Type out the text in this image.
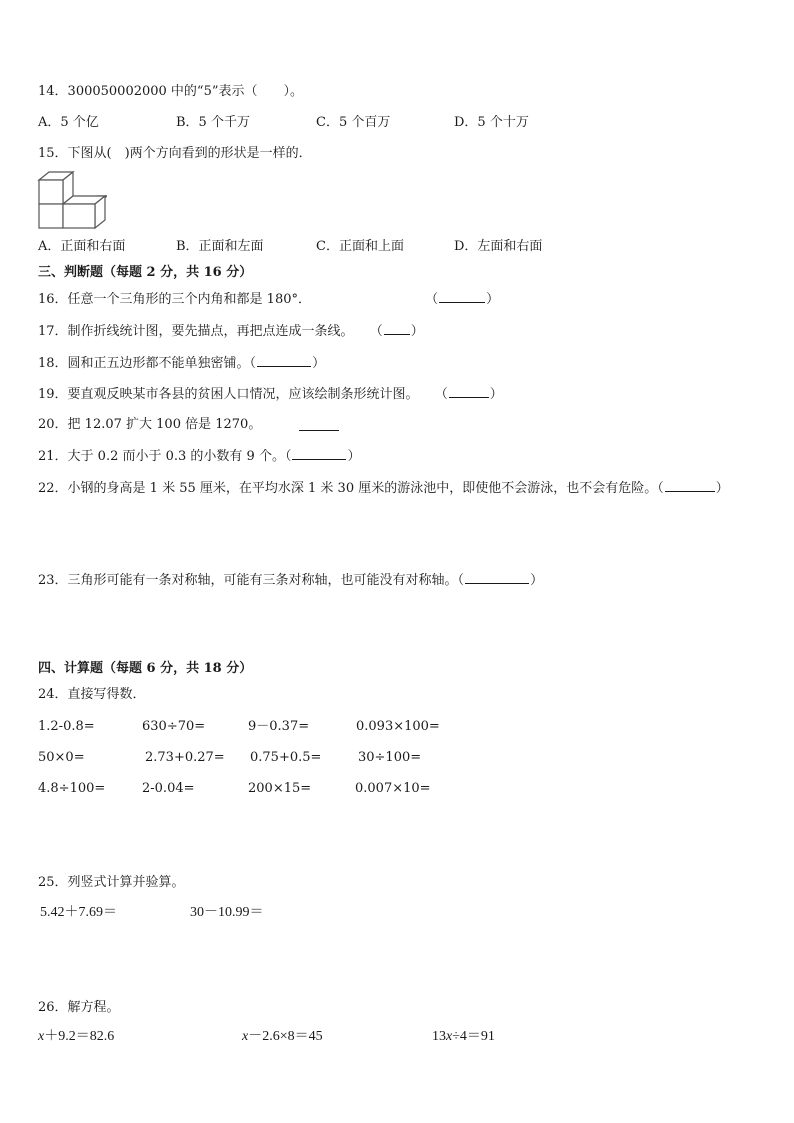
14．300050002000 中的“5”表示（　　）。
A．5 个亿	B．5 个千万	C．5 个百万	D．5 个十万
15．下图从(　)两个方向看到的形状是一样的．
A．正面和右面	B．正面和左面	C．正面和上面	D．左面和右面
三、判断题（每题 2 分，共 16 分）
16．任意一个三角形的三个内角和都是 180°．	（	）
17．制作折线统计图，要先描点，再把点连成一条线。 （ ）
18．圆和正五边形都不能单独密铺。（	）
19．要直观反映某市各县的贫困人口情况，应该绘制条形统计图。 （	）
20．把 12.07 扩大 100 倍是 1270。
21．大于 0.2 而小于 0.3 的小数有 9 个。（	）
22．小钢的身高是 1 米 55 厘米，在平均水深 1 米 30 厘米的游泳池中，即使他不会游泳，也不会有危险。（	）
23．三角形可能有一条对称轴，可能有三条对称轴，也可能没有对称轴。（	）
四、计算题（每题 6 分，共 18 分）
24．直接写得数．
1.2-0.8=	630÷70=	9－0.37=	0.093×100=
50×0=	2.73+0.27= 0.75+0.5=	30÷100=
4.8÷100=	2-0.04=	200×15=	0.007×10=
25．列竖式计算并验算。
5.42＋7.69＝	30－10.99＝
26．解方程。
x＋9.2＝82.6	x－2.6×8＝45	13x÷4＝91
